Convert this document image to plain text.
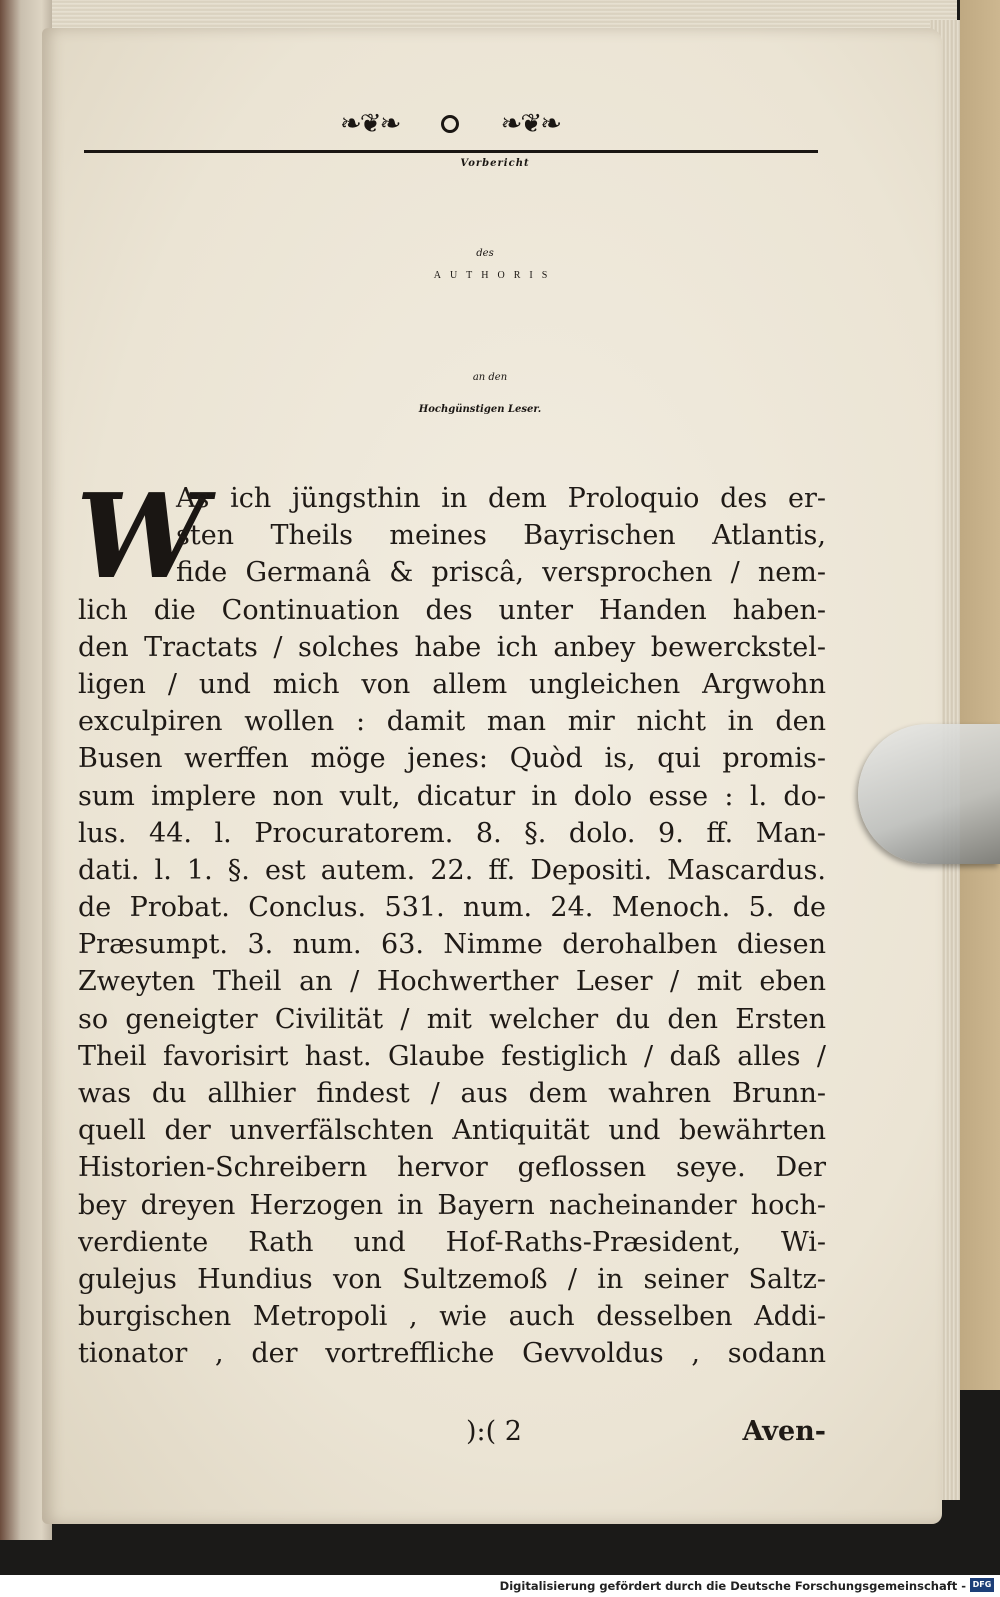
❧❦❧	❧❦❧
Vorbericht
des
AUTHORIS
an den
Hochgünstigen Leser.
W
As ich jüngsthin in dem Proloquio des er-
sten Theils meines Bayrischen Atlantis,
fide Germanâ & priscâ, versprochen / nem-
lich die Continuation des unter Handen haben-
den Tractats / solches habe ich anbey bewerckstel-
ligen / und mich von allem ungleichen Argwohn
exculpiren wollen : damit man mir nicht in den
Busen werffen möge jenes: Quòd is, qui promis-
sum implere non vult, dicatur in dolo esse : l. do-
lus. 44. l. Procuratorem. 8. §. dolo. 9. ff. Man-
dati. l. 1. §. est autem. 22. ff. Depositi. Mascardus.
de Probat. Conclus. 531. num. 24. Menoch. 5. de
Præsumpt. 3. num. 63. Nimme derohalben diesen
Zweyten Theil an / Hochwerther Leser / mit eben
so geneigter Civilität / mit welcher du den Ersten
Theil favorisirt hast. Glaube festiglich / daß alles /
was du allhier findest / aus dem wahren Brunn-
quell der unverfälschten Antiquität und bewährten
Historien-Schreibern hervor geflossen seye. Der
bey dreyen Herzogen in Bayern nacheinander hoch-
verdiente Rath und Hof-Raths-Præsident, Wi-
gulejus Hundius von Sultzemoß / in seiner Saltz-
burgischen Metropoli , wie auch desselben Addi-
tionator , der vortreffliche Gevvoldus , sodann
):( 2	Aven-
Digitalisierung gefördert durch die Deutsche Forschungsgemeinschaft - DFG
